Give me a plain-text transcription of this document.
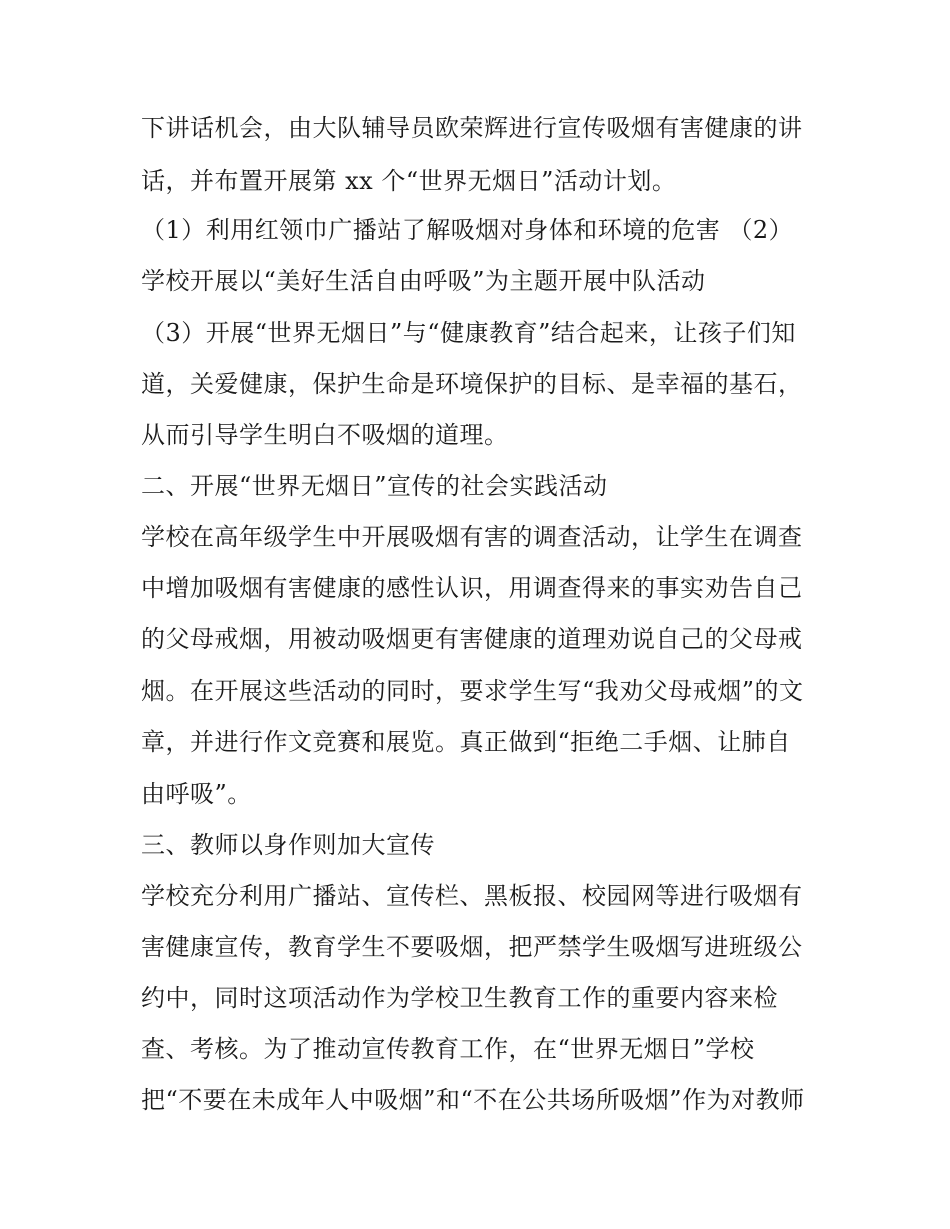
下讲话机会，由大队辅导员欧荣辉进行宣传吸烟有害健康的讲
话，并布置开展第 xx 个“世界无烟日”活动计划。
（1）利用红领巾广播站了解吸烟对身体和环境的危害 （2）
学校开展以“美好生活自由呼吸”为主题开展中队活动
（3）开展“世界无烟日”与“健康教育”结合起来，让孩子们知
道，关爱健康，保护生命是环境保护的目标、是幸福的基石，
从而引导学生明白不吸烟的道理。
二、开展“世界无烟日”宣传的社会实践活动
学校在高年级学生中开展吸烟有害的调查活动，让学生在调查
中增加吸烟有害健康的感性认识，用调查得来的事实劝告自己
的父母戒烟，用被动吸烟更有害健康的道理劝说自己的父母戒
烟。在开展这些活动的同时，要求学生写“我劝父母戒烟”的文
章，并进行作文竞赛和展览。真正做到“拒绝二手烟、让肺自
由呼吸”。
三、教师以身作则加大宣传
学校充分利用广播站、宣传栏、黑板报、校园网等进行吸烟有
害健康宣传，教育学生不要吸烟，把严禁学生吸烟写进班级公
约中，同时这项活动作为学校卫生教育工作的重要内容来检
查、考核。为了推动宣传教育工作，在“世界无烟日”学校
把“不要在未成年人中吸烟”和“不在公共场所吸烟”作为对教师
